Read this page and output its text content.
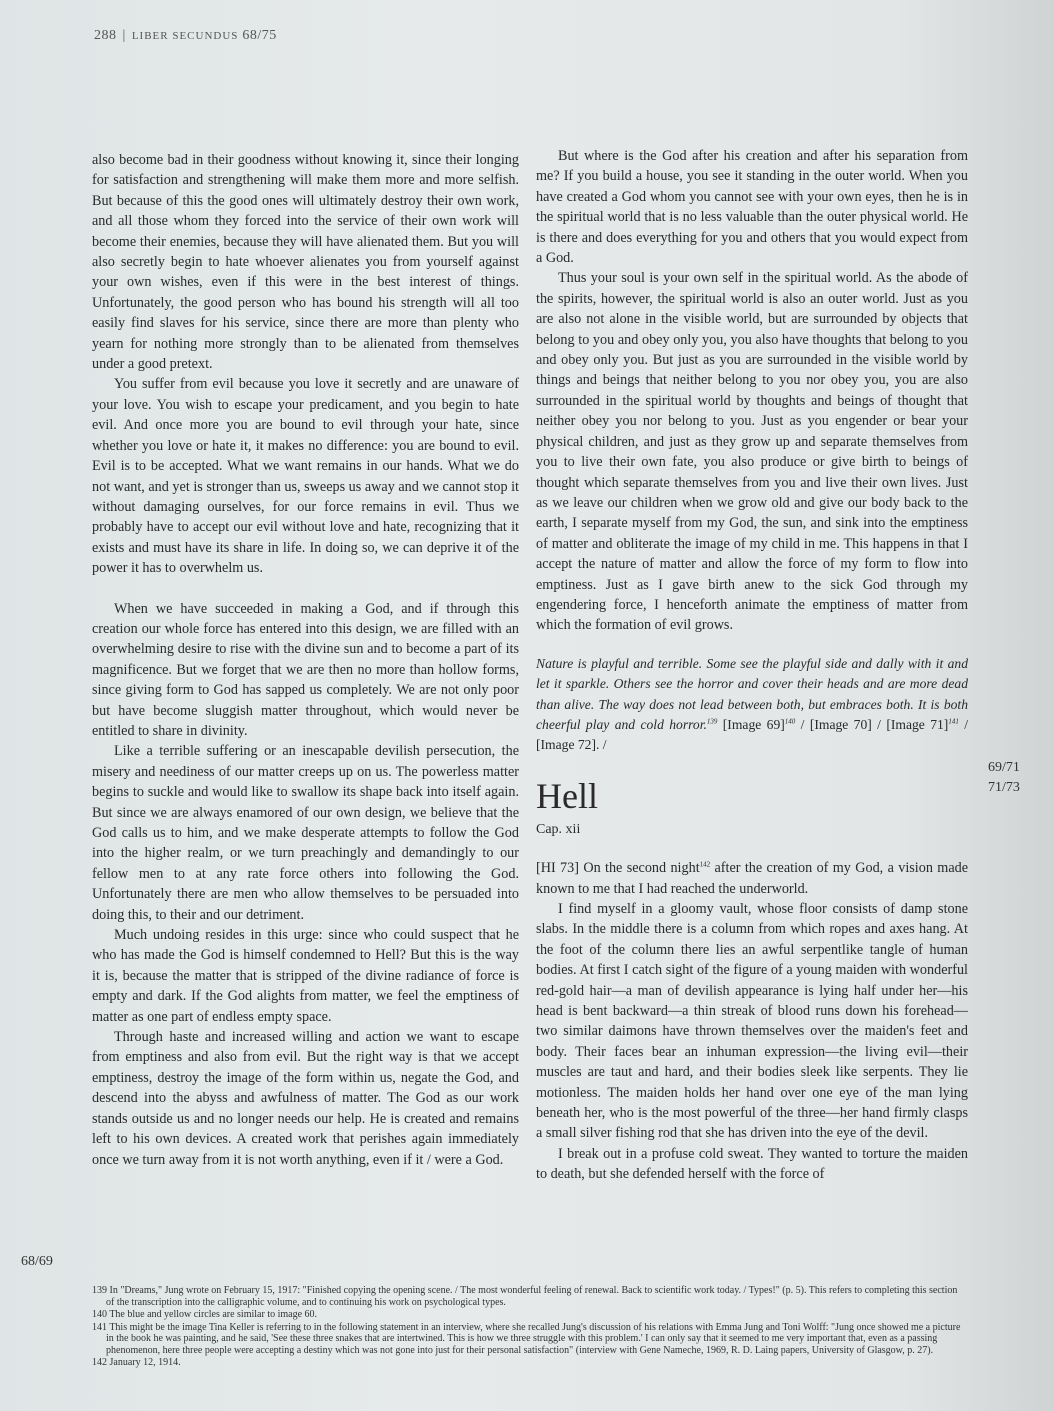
288 | LIBER SECUNDUS 68/75

also become bad in their goodness without knowing it, since their longing for satisfaction and strengthening will make them more and more selfish. But because of this the good ones will ultimately destroy their own work, and all those whom they forced into the service of their own work will become their enemies, because they will have alienated them. But you will also secretly begin to hate whoever alienates you from yourself against your own wishes, even if this were in the best interest of things. Unfortunately, the good person who has bound his strength will all too easily find slaves for his service, since there are more than plenty who yearn for nothing more strongly than to be alienated from themselves under a good pretext.

You suffer from evil because you love it secretly and are unaware of your love. You wish to escape your predicament, and you begin to hate evil. And once more you are bound to evil through your hate, since whether you love or hate it, it makes no difference: you are bound to evil. Evil is to be accepted. What we want remains in our hands. What we do not want, and yet is stronger than us, sweeps us away and we cannot stop it without damaging ourselves, for our force remains in evil. Thus we probably have to accept our evil without love and hate, recognizing that it exists and must have its share in life. In doing so, we can deprive it of the power it has to overwhelm us.

When we have succeeded in making a God, and if through this creation our whole force has entered into this design, we are filled with an overwhelming desire to rise with the divine sun and to become a part of its magnificence. But we forget that we are then no more than hollow forms, since giving form to God has sapped us completely. We are not only poor but have become sluggish matter throughout, which would never be entitled to share in divinity.

Like a terrible suffering or an inescapable devilish persecution, the misery and neediness of our matter creeps up on us. The powerless matter begins to suckle and would like to swallow its shape back into itself again. But since we are always enamored of our own design, we believe that the God calls us to him, and we make desperate attempts to follow the God into the higher realm, or we turn preachingly and demandingly to our fellow men to at any rate force others into following the God. Unfortunately there are men who allow themselves to be persuaded into doing this, to their and our detriment.

Much undoing resides in this urge: since who could suspect that he who has made the God is himself condemned to Hell? But this is the way it is, because the matter that is stripped of the divine radiance of force is empty and dark. If the God alights from matter, we feel the emptiness of matter as one part of endless empty space.

Through haste and increased willing and action we want to escape from emptiness and also from evil. But the right way is that we accept emptiness, destroy the image of the form within us, negate the God, and descend into the abyss and awfulness of matter. The God as our work stands outside us and no longer needs our help. He is created and remains left to his own devices. A created work that perishes again immediately once we turn away from it is not worth anything, even if it / were a God.

But where is the God after his creation and after his separation from me? If you build a house, you see it standing in the outer world. When you have created a God whom you cannot see with your own eyes, then he is in the spiritual world that is no less valuable than the outer physical world. He is there and does everything for you and others that you would expect from a God.

Thus your soul is your own self in the spiritual world. As the abode of the spirits, however, the spiritual world is also an outer world. Just as you are also not alone in the visible world, but are surrounded by objects that belong to you and obey only you, you also have thoughts that belong to you and obey only you. But just as you are surrounded in the visible world by things and beings that neither belong to you nor obey you, you are also surrounded in the spiritual world by thoughts and beings of thought that neither obey you nor belong to you. Just as you engender or bear your physical children, and just as they grow up and separate themselves from you to live their own fate, you also produce or give birth to beings of thought which separate themselves from you and live their own lives. Just as we leave our children when we grow old and give our body back to the earth, I separate myself from my God, the sun, and sink into the emptiness of matter and obliterate the image of my child in me. This happens in that I accept the nature of matter and allow the force of my form to flow into emptiness. Just as I gave birth anew to the sick God through my engendering force, I henceforth animate the emptiness of matter from which the formation of evil grows.

Nature is playful and terrible. Some see the playful side and dally with it and let it sparkle. Others see the horror and cover their heads and are more dead than alive. The way does not lead between both, but embraces both. It is both cheerful play and cold horror.$^{139}$ [Image 69]$^{140}$ / [Image 70] / [Image 71]$^{141}$ / [Image 72]. /

Hell
Cap. xii

[HI 73] On the second night$^{142}$ after the creation of my God, a vision made known to me that I had reached the underworld.

I find myself in a gloomy vault, whose floor consists of damp stone slabs. In the middle there is a column from which ropes and axes hang. At the foot of the column there lies an awful serpentlike tangle of human bodies. At first I catch sight of the figure of a young maiden with wonderful red-gold hair—a man of devilish appearance is lying half under her—his head is bent backward—a thin streak of blood runs down his forehead—two similar daimons have thrown themselves over the maiden's feet and body. Their faces bear an inhuman expression—the living evil—their muscles are taut and hard, and their bodies sleek like serpents. They lie motionless. The maiden holds her hand over one eye of the man lying beneath her, who is the most powerful of the three—her hand firmly clasps a small silver fishing rod that she has driven into the eye of the devil.

I break out in a profuse cold sweat. They wanted to torture the maiden to death, but she defended herself with the force of

68/69
69/71
71/73

139 In "Dreams," Jung wrote on February 15, 1917: "Finished copying the opening scene. / The most wonderful feeling of renewal. Back to scientific work today. / Types!" (p. 5). This refers to completing this section of the transcription into the calligraphic volume, and to continuing his work on psychological types.

140 The blue and yellow circles are similar to image 60.

141 This might be the image Tina Keller is referring to in the following statement in an interview, where she recalled Jung's discussion of his relations with Emma Jung and Toni Wolff: "Jung once showed me a picture in the book he was painting, and he said, 'See these three snakes that are intertwined. This is how we three struggle with this problem.' I can only say that it seemed to me very important that, even as a passing phenomenon, here three people were accepting a destiny which was not gone into just for their personal satisfaction" (interview with Gene Nameche, 1969, R. D. Laing papers, University of Glasgow, p. 27).

142 January 12, 1914.
